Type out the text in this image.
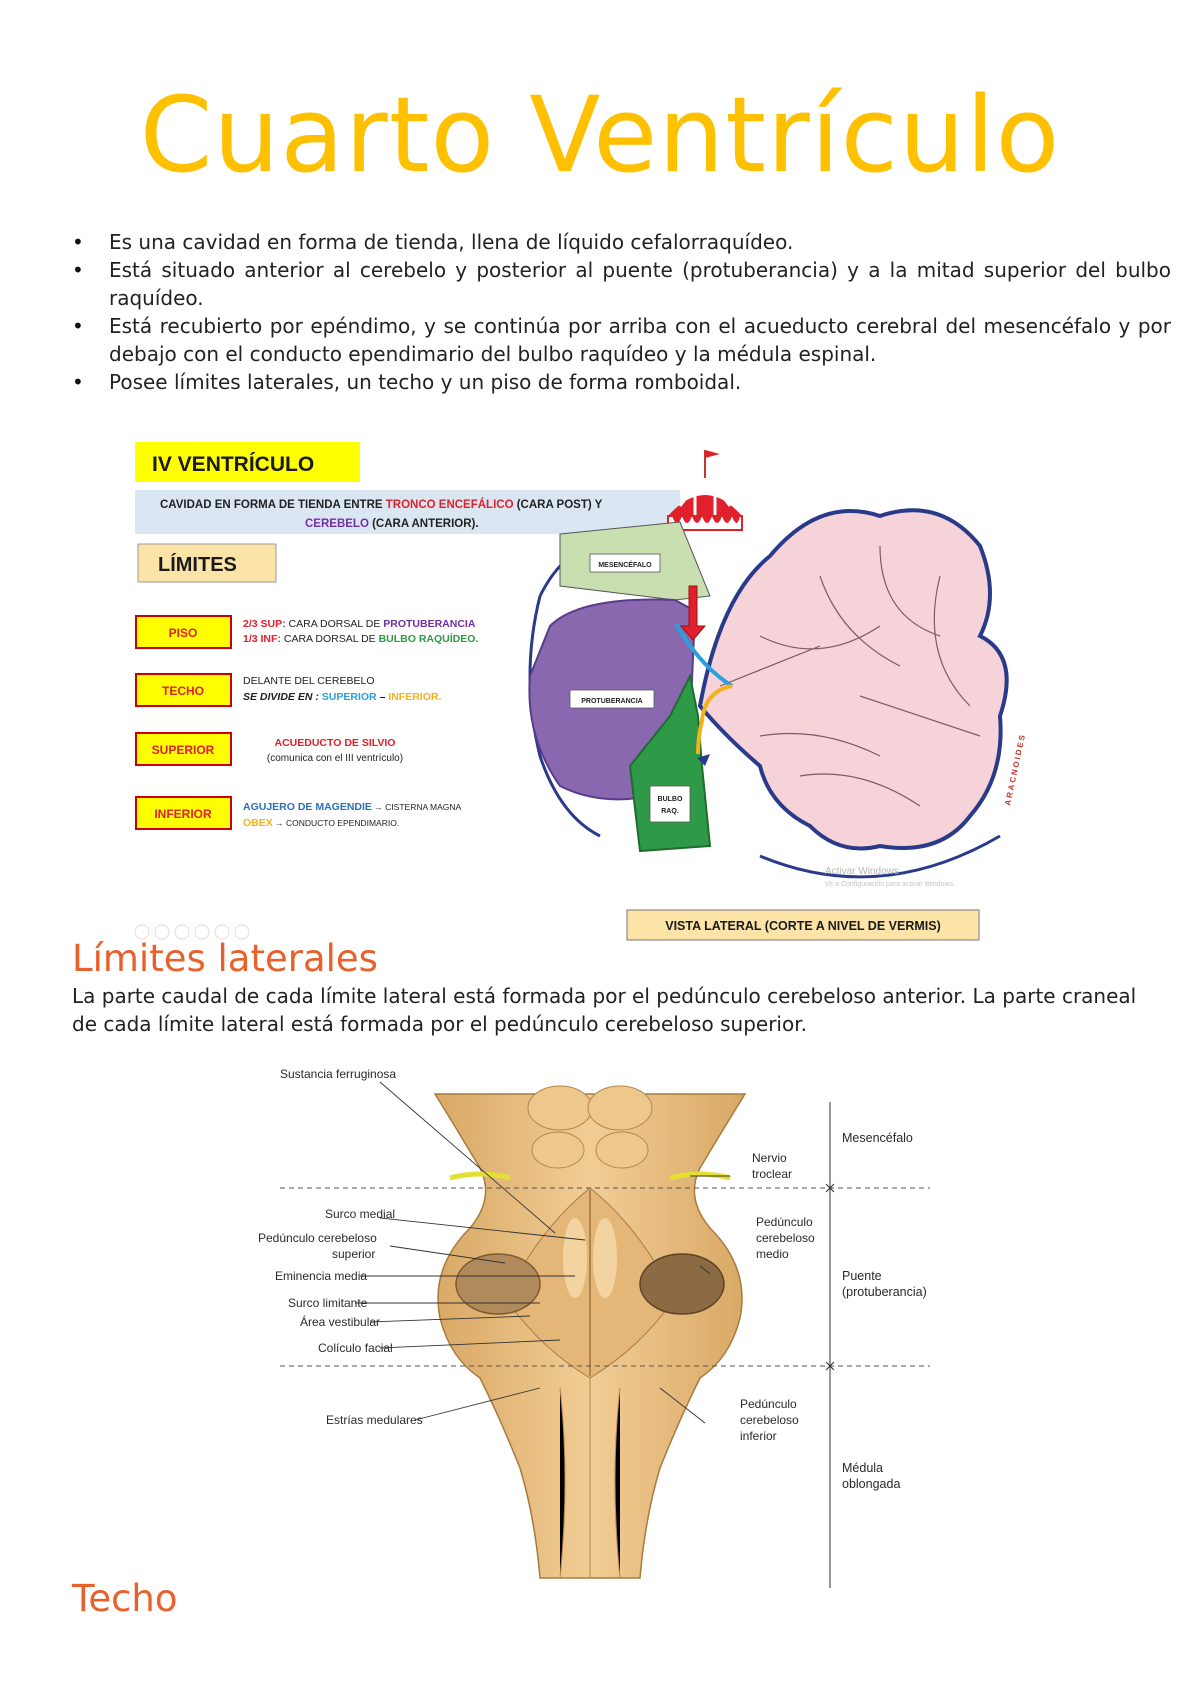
Cuarto Ventrículo
• Es una cavidad en forma de tienda, llena de líquido cefalorraquídeo.
• Está situado anterior al cerebelo y posterior al puente (protuberancia) y a la mitad superior del bulbo raquídeo.
• Está recubierto por epéndimo, y se continúa por arriba con el acueducto cerebral del mesencéfalo y por debajo con el conducto ependimario del bulbo raquídeo y la médula espinal.
• Posee límites laterales, un techo y un piso de forma romboidal.
IV VENTRÍCULO
CAVIDAD EN FORMA DE TIENDA ENTRE TRONCO ENCEFÁLICO (CARA POST) Y
CEREBELO (CARA ANTERIOR).
LÍMITES
PISO
2/3 SUP: CARA DORSAL DE PROTUBERANCIA
1/3 INF: CARA DORSAL DE BULBO RAQUÍDEO.
TECHO
DELANTE DEL CEREBELO
SE DIVIDE EN : SUPERIOR – INFERIOR.
SUPERIOR	ACUEDUCTO DE SILVIO
(comunica con el III ventrículo)
INFERIOR	AGUJERO DE MAGENDIE → CISTERNA MAGNA
OBEX → CONDUCTO EPENDIMARIO.
MESENCÉFALO
PROTUBERANCIA
BULBO
RAQ.
ARACNOIDES
Activar Windows
Ve a Configuración para activar Windows.
VISTA LATERAL (CORTE A NIVEL DE VERMIS)
Límites laterales
La parte caudal de cada límite lateral está formada por el pedúnculo cerebeloso anterior. La parte craneal de cada límite lateral está formada por el pedúnculo cerebeloso superior.
Sustancia ferruginosa
Surco medial
Pedúnculo cerebeloso
superior
Eminencia media
Surco limitante
Área vestibular
Colículo facial
Estrías medulares
Nervio
troclear
Pedúnculo
cerebeloso
medio
Pedúnculo
cerebeloso
inferior
Mesencéfalo
Puente
(protuberancia)
Médula
oblongada
Techo
